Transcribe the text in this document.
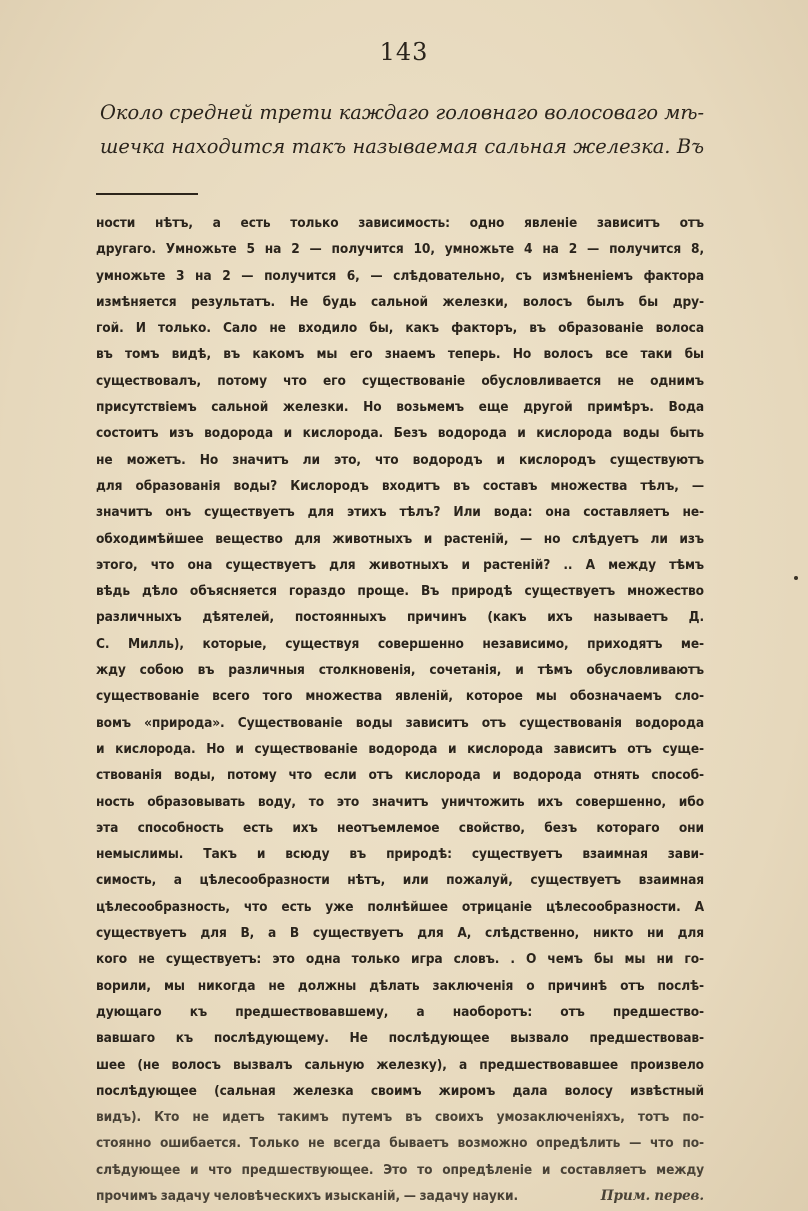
143
Около средней трети каждаго головнаго волосоваго мѣ-
шечка находится такъ называемая сальная железка. Въ
ности нѣтъ, а есть только зависимость: одно явленіе зависитъ отъ
другаго. Умножьте 5 на 2 — получится 10, умножьте 4 на 2 — получится 8,
умножьте 3 на 2 — получится 6, — слѣдовательно, съ измѣненіемъ фактора
измѣняется результатъ. Не будь сальной железки, волосъ былъ бы дру-
гой. И только. Сало не входило бы, какъ факторъ, въ образованіе волоса
въ томъ видѣ, въ какомъ мы его знаемъ теперь. Но волосъ все таки бы
существовалъ, потому что его существованіе обусловливается не однимъ
присутствіемъ сальной железки. Но возьмемъ еще другой примѣръ. Вода
состоитъ изъ водорода и кислорода. Безъ водорода и кислорода воды быть
не можетъ. Но значитъ ли это, что водородъ и кислородъ существуютъ
для образованія воды? Кислородъ входитъ въ составъ множества тѣлъ, —
значитъ онъ существуетъ для этихъ тѣлъ? Или вода: она составляетъ не-
обходимѣйшее вещество для животныхъ и растеній, — но слѣдуетъ ли изъ
этого, что она существуетъ для животныхъ и растеній? .. А между тѣмъ
вѣдь дѣло объясняется гораздо проще. Въ природѣ существуетъ множество
различныхъ дѣятелей, постоянныхъ причинъ (какъ ихъ называетъ Д.
С. Милль), которые, существуя совершенно независимо, приходятъ ме-
жду собою въ различныя столкновенія, сочетанія, и тѣмъ обусловливаютъ
существованіе всего того множества явленій, которое мы обозначаемъ сло-
вомъ «природа». Существованіе воды зависитъ отъ существованія водорода
и кислорода. Но и существованіе водорода и кислорода зависитъ отъ суще-
ствованія воды, потому что если отъ кислорода и водорода отнять способ-
ность образовывать воду, то это значитъ уничтожить ихъ совершенно, ибо
эта способность есть ихъ неотъемлемое свойство, безъ котораго они
немыслимы. Такъ и всюду въ природѣ: существуетъ взаимная зави-
симость, а цѣлесообразности нѣтъ, или пожалуй, существуетъ взаимная
цѣлесообразность, что есть уже полнѣйшее отрицаніе цѣлесообразности. А
существуетъ для В, а В существуетъ для А, слѣдственно, никто ни для
кого не существуетъ: это одна только игра словъ. . О чемъ бы мы ни го-
ворили, мы никогда не должны дѣлать заключенія о причинѣ отъ послѣ-
дующаго къ предшествовавшему, а наоборотъ: отъ предшество-
вавшаго къ послѣдующему. Не послѣдующее вызвало предшествовав-
шее (не волосъ вызвалъ сальную железку), а предшествовавшее произвело
послѣдующее (сальная железка своимъ жиромъ дала волосу извѣстный
видъ). Кто не идетъ такимъ путемъ въ своихъ умозаключеніяхъ, тотъ по-
стоянно ошибается. Только не всегда бываетъ возможно опредѣлить — что по-
слѣдующее и что предшествующее. Это то опредѣленіе и составляетъ между
прочимъ задачу человѣческихъ изысканій, — задачу науки.	Прим. перев.
